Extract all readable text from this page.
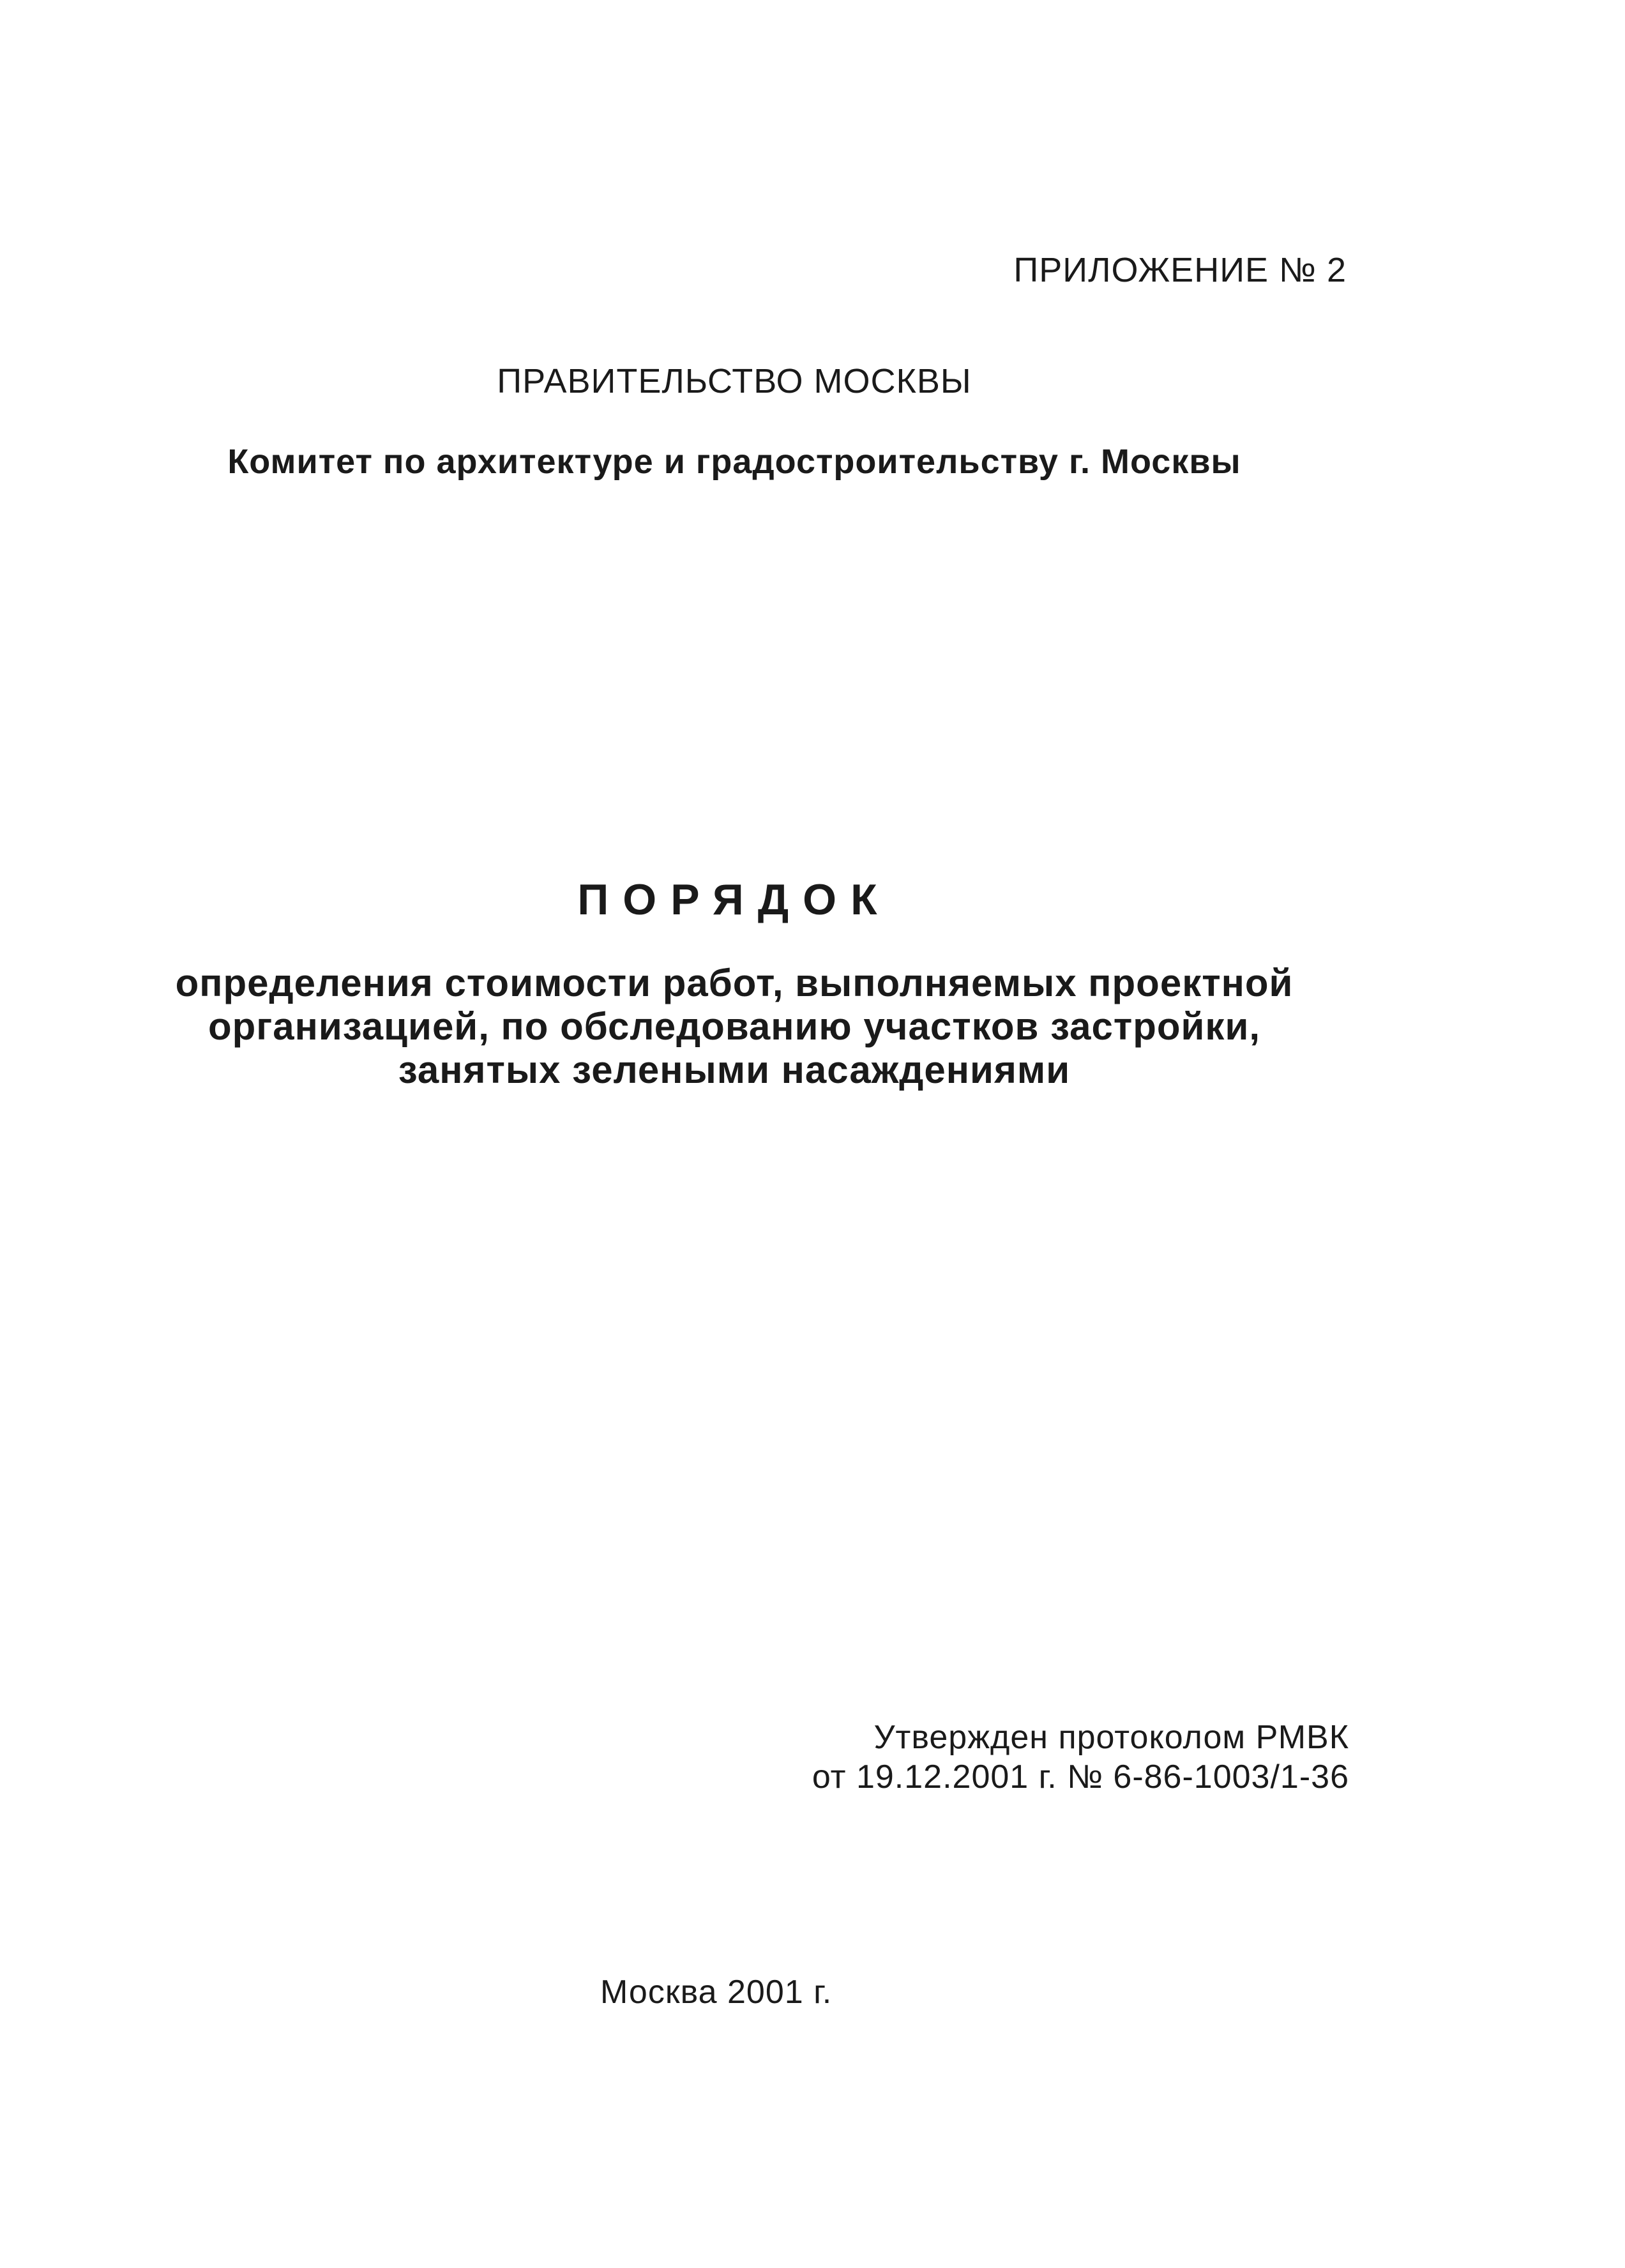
ПРИЛОЖЕНИЕ № 2
ПРАВИТЕЛЬСТВО МОСКВЫ
Комитет по архитектуре и градостроительству г. Москвы
ПОРЯДОК
определения стоимости работ, выполняемых проектной
организацией, по обследованию участков застройки,
занятых зелеными насаждениями
Утвержден протоколом РМВК
от 19.12.2001 г. № 6-86-1003/1-36
Москва 2001 г.
